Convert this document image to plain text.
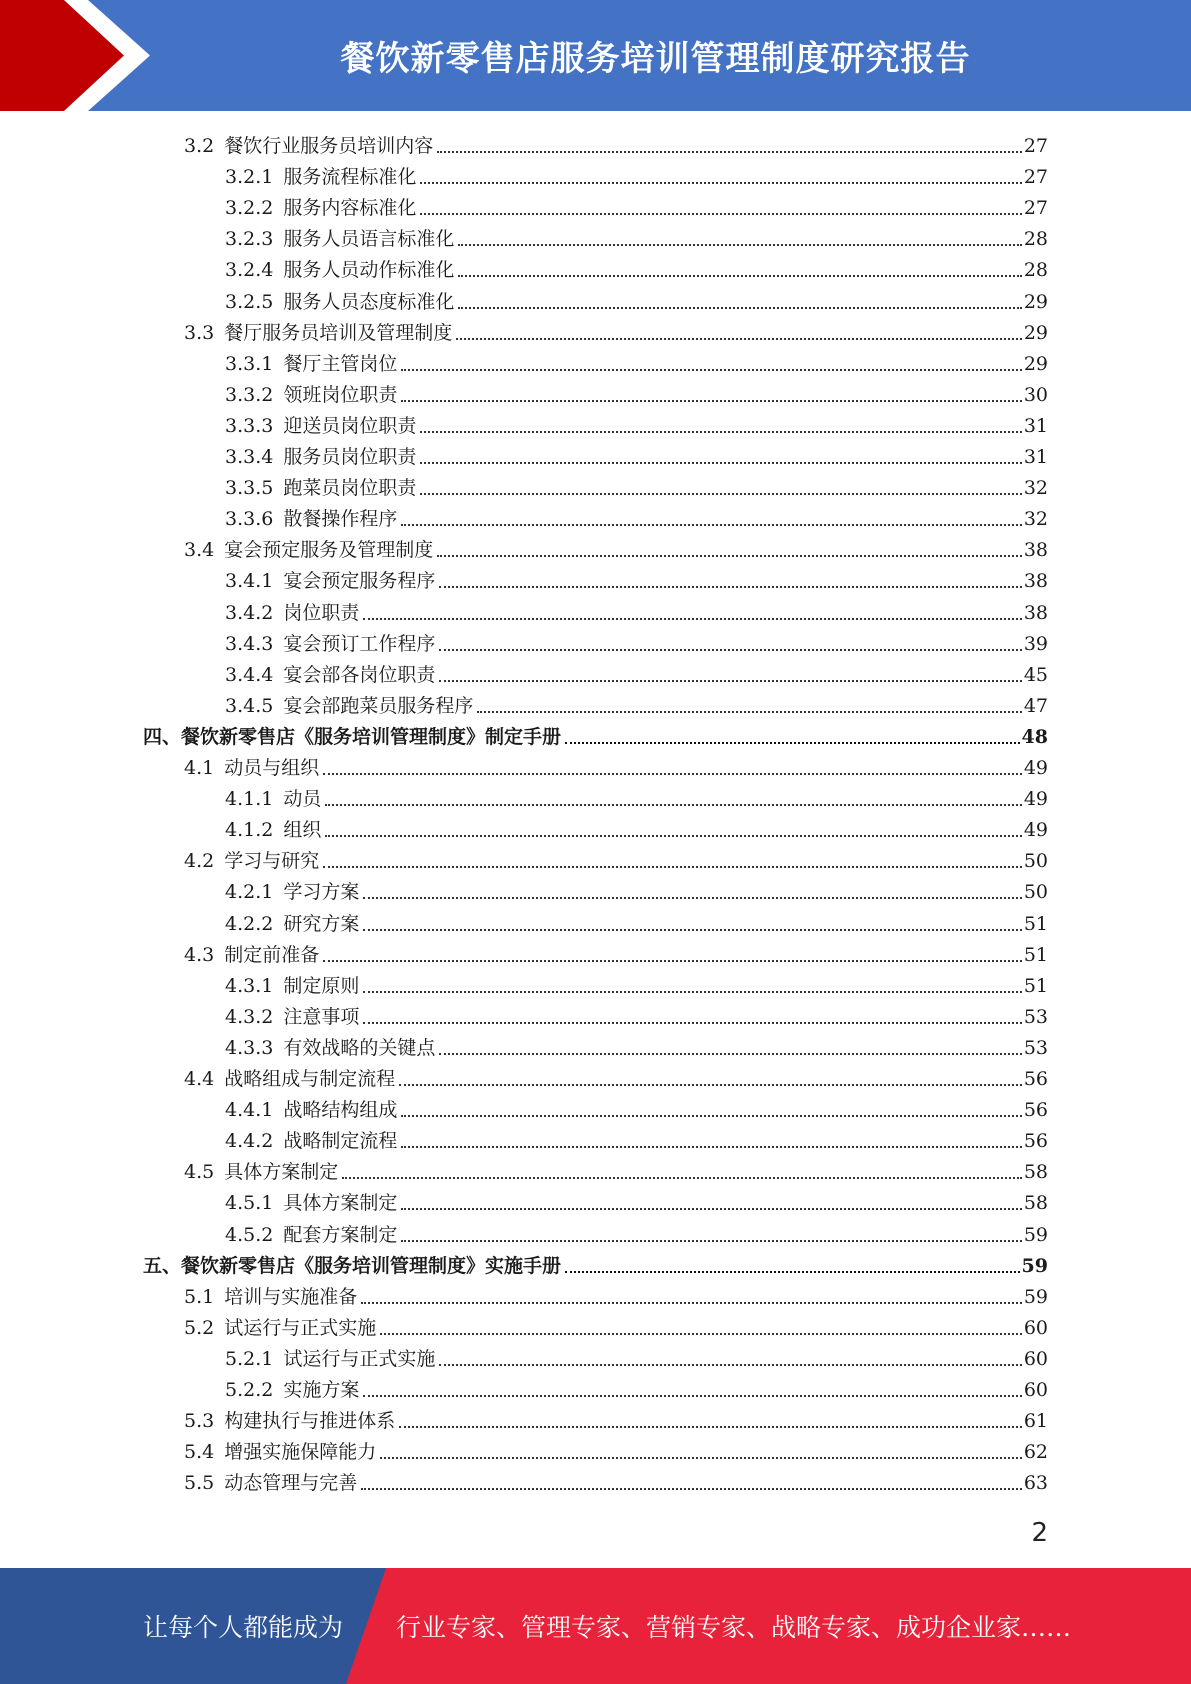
餐饮新零售店服务培训管理制度研究报告
3.2 餐饮行业服务员培训内容	27
3.2.1 服务流程标准化	27
3.2.2 服务内容标准化	27
3.2.3 服务人员语言标准化	28
3.2.4 服务人员动作标准化	28
3.2.5 服务人员态度标准化	29
3.3 餐厅服务员培训及管理制度	29
3.3.1 餐厅主管岗位	29
3.3.2 领班岗位职责	30
3.3.3 迎送员岗位职责	31
3.3.4 服务员岗位职责	31
3.3.5 跑菜员岗位职责	32
3.3.6 散餐操作程序	32
3.4 宴会预定服务及管理制度	38
3.4.1 宴会预定服务程序	38
3.4.2 岗位职责	38
3.4.3 宴会预订工作程序	39
3.4.4 宴会部各岗位职责	45
3.4.5 宴会部跑菜员服务程序	47
四、餐饮新零售店《服务培训管理制度》制定手册	48
4.1 动员与组织	49
4.1.1 动员	49
4.1.2 组织	49
4.2 学习与研究	50
4.2.1 学习方案	50
4.2.2 研究方案	51
4.3 制定前准备	51
4.3.1 制定原则	51
4.3.2 注意事项	53
4.3.3 有效战略的关键点	53
4.4 战略组成与制定流程	56
4.4.1 战略结构组成	56
4.4.2 战略制定流程	56
4.5 具体方案制定	58
4.5.1 具体方案制定	58
4.5.2 配套方案制定	59
五、餐饮新零售店《服务培训管理制度》实施手册	59
5.1 培训与实施准备	59
5.2 试运行与正式实施	60
5.2.1 试运行与正式实施	60
5.2.2 实施方案	60
5.3 构建执行与推进体系	61
5.4 增强实施保障能力	62
5.5 动态管理与完善	63
2
让每个人都能成为 行业专家、管理专家、营销专家、战略专家、成功企业家……
